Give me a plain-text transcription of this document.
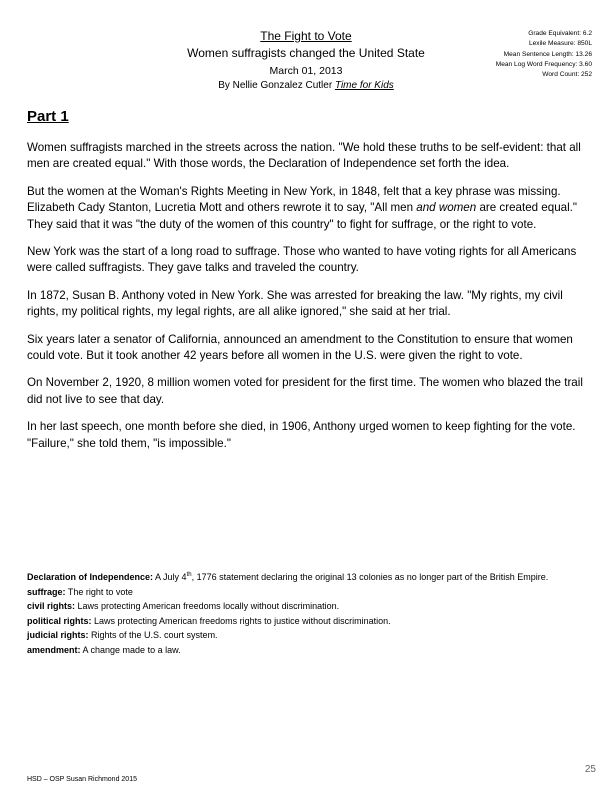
The Fight to Vote
Women suffragists changed the United State
March 01, 2013
By Nellie Gonzalez Cutler Time for Kids
Grade Equivalent: 6.2
Lexile Measure: 850L
Mean Sentence Length: 13.26
Mean Log Word Frequency: 3.60
Word Count: 252
Part 1

Women suffragists marched in the streets across the nation. "We hold these truths to be self-evident: that all men are created equal." With those words, the Declaration of Independence set forth the idea.

But the women at the Woman's Rights Meeting in New York, in 1848, felt that a key phrase was missing. Elizabeth Cady Stanton, Lucretia Mott and others rewrote it to say, "All men and women are created equal." They said that it was "the duty of the women of this country" to fight for suffrage, or the right to vote.

New York was the start of a long road to suffrage. Those who wanted to have voting rights for all Americans were called suffragists. They gave talks and traveled the country.

In 1872, Susan B. Anthony voted in New York. She was arrested for breaking the law. "My rights, my civil rights, my political rights, my legal rights, are all alike ignored," she said at her trial.

Six years later a senator of California, announced an amendment to the Constitution to ensure that women could vote. But it took another 42 years before all women in the U.S. were given the right to vote.

On November 2, 1920, 8 million women voted for president for the first time. The women who blazed the trail did not live to see that day.

In her last speech, one month before she died, in 1906, Anthony urged women to keep fighting for the vote. "Failure," she told them, "is impossible."

Declaration of Independence: A July 4th, 1776 statement declaring the original 13 colonies as no longer part of the British Empire.
suffrage: The right to vote
civil rights: Laws protecting American freedoms locally without discrimination.
political rights: Laws protecting American freedoms rights to justice without discrimination.
judicial rights: Rights of the U.S. court system.
amendment: A change made to a law.
HSD – OSP Susan Richmond 2015
25
